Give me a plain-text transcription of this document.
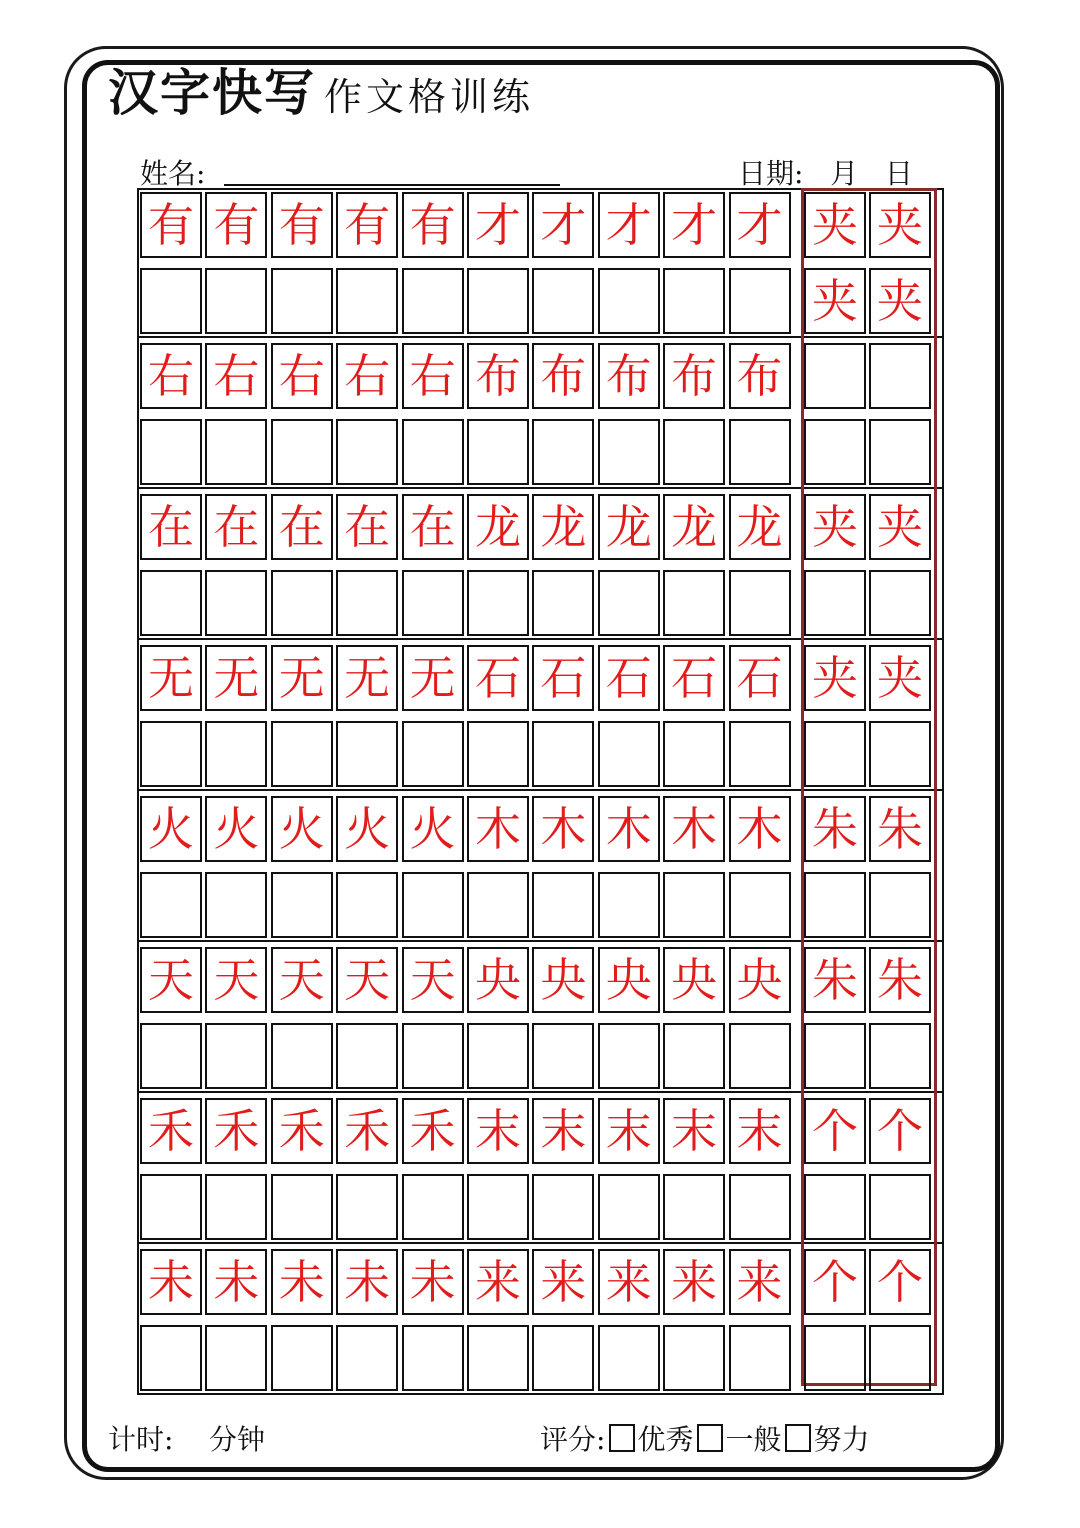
汉字快写 作文格训练
姓名:	日期:   月   日
有 有 有 有 有 才 才 才 才 才
右 右 右 右 右 布 布 布 布 布
在 在 在 在 在 龙 龙 龙 龙 龙
无 无 无 无 无 石 石 石 石 石
火 火 火 火 火 木 木 木 木 木
天 天 天 天 天 央 央 央 央 央
禾 禾 禾 禾 禾 末 末 末 末 末
未 未 未 未 未 来 来 来 来 来
夹 夹
夹 夹
夹 夹
夹 夹
朱 朱
朱 朱
个 个
个 个
计时:    分钟	评分: 优秀 一般 努力
